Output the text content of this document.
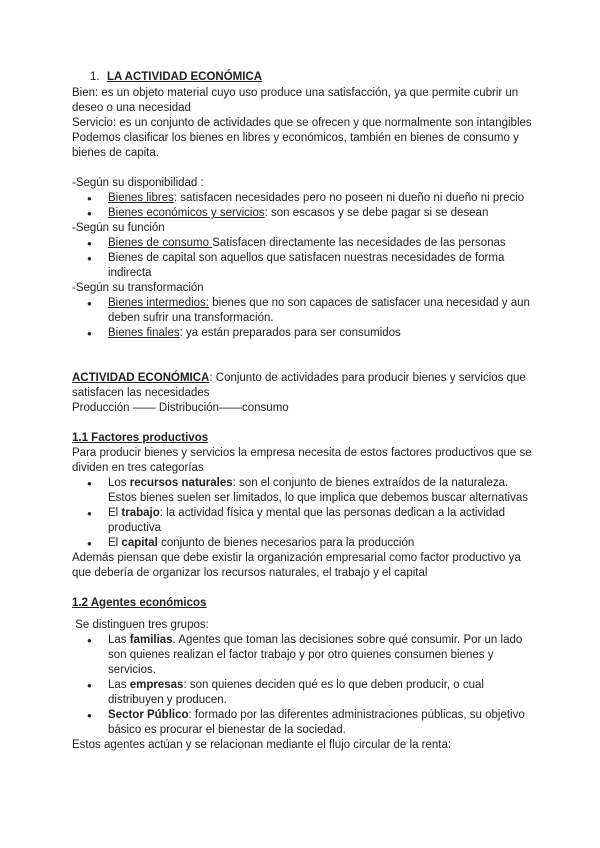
1. LA ACTIVIDAD ECONÓMICA

Bien: es un objeto material cuyo uso produce una satisfacción, ya que permite cubrir un deseo o una necesidad

Servicio: es un conjunto de actividades que se ofrecen y que normalmente son intangibles

Podemos clasificar los bienes en libres y económicos, también en bienes de consumo y bienes de capita.

-Según su disponibilidad :

● Bienes libres: satisfacen necesidades pero no poseen ni dueño ni dueño ni precio
● Bienes económicos y servicios: son escasos y se debe pagar si se desean

-Según su función

● Bienes de consumo Satisfacen directamente las necesidades de las personas
● Bienes de capital son aquellos que satisfacen nuestras necesidades de forma indirecta

-Según su transformación

● Bienes intermedios: bienes que no son capaces de satisfacer una necesidad y aun deben sufrir una transformación.
● Bienes finales: ya están preparados para ser consumidos

ACTIVIDAD ECONÓMICA: Conjunto de actividades para producir bienes y servicios que satisfacen las necesidades

Producción —— Distribución——consumo

1.1 Factores productivos

Para producir bienes y servicios la empresa necesita de estos factores productivos que se dividen en tres categorías

● Los recursos naturales: son el conjunto de bienes extraídos de la naturaleza. Estos bienes suelen ser limitados, lo que implica que debemos buscar alternativas
● El trabajo: la actividad física y mental que las personas dedican a la actividad productiva
● El capital conjunto de bienes necesarios para la producción

Además piensan que debe existir la organización empresarial como factor productivo ya que debería de organizar los recursos naturales, el trabajo y el capital

1.2 Agentes económicos

Se distinguen tres grupos:

● Las familias. Agentes que toman las decisiones sobre qué consumir. Por un lado son quienes realizan el factor trabajo y por otro quienes consumen bienes y servicios.
● Las empresas: son quienes deciden qué es lo que deben producir, o cual distribuyen y producen.
● Sector Público: formado por las diferentes administraciones públicas, su objetivo básico es procurar el bienestar de la sociedad.

Estos agentes actúan y se relacionan mediante el flujo circular de la renta:
